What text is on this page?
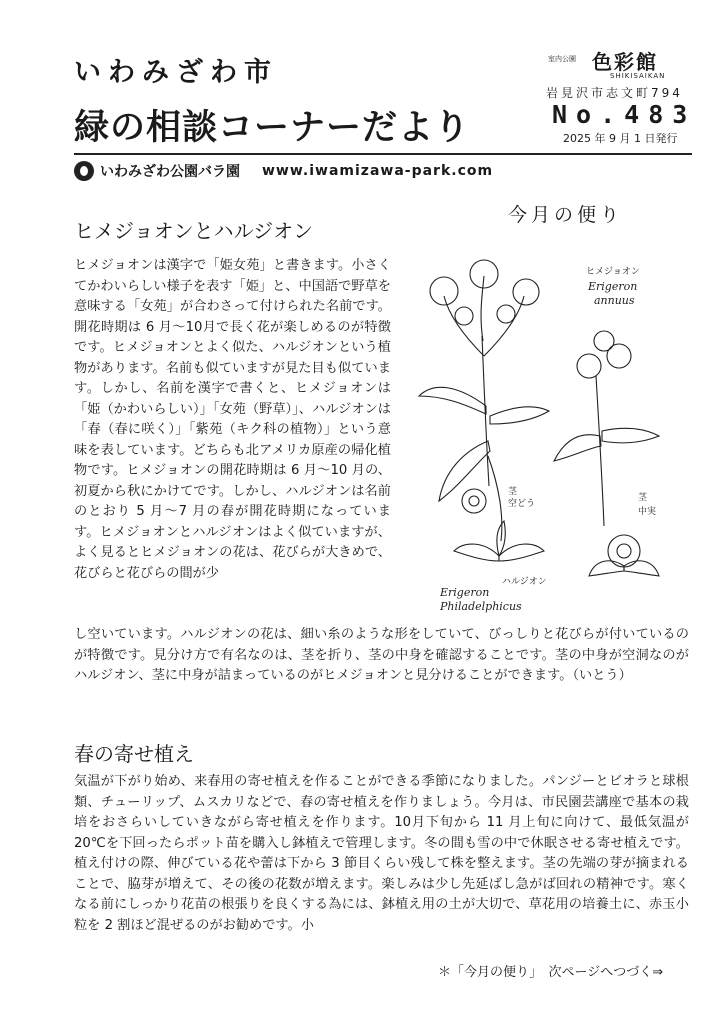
いわみざわ市
緑の相談コーナーだより
室内公園 色彩館
SHIKISAIKAN
岩見沢市志文町794
No.483
2025 年 9 月 1 日発行
いわみざわ公園バラ園 www.iwamizawa-park.com
今月の便り
ヒメジョオンとハルジオン
ヒメジョオンは漢字で「姫女苑」と書きます。小さくてかわいらしい様子を表す「姫」と、中国語で野草を意味する「女苑」が合わさって付けられた名前です。開花時期は 6 月〜10月で長く花が楽しめるのが特徴です。ヒメジョオンとよく似た、ハルジオンという植物があります。名前も似ていますが見た目も似ています。しかし、名前を漢字で書くと、ヒメジョオンは「姫（かわいらしい）」「女苑（野草）」、ハルジオンは「春（春に咲く）」「紫苑（キク科の植物）」という意味を表しています。どちらも北アメリカ原産の帰化植物です。ヒメジョオンの開花時期は 6 月〜10 月の、初夏から秋にかけてです。しかし、ハルジオンは名前のとおり 5 月〜7 月の春が開花時期になっています。ヒメジョオンとハルジオンはよく似ていますが、よく見るとヒメジョオンの花は、花びらが大きめで、花びらと花びらの間が少
し空いています。ハルジオンの花は、細い糸のような形をしていて、びっしりと花びらが付いているのが特徴です。見分け方で有名なのは、茎を折り、茎の中身を確認することです。茎の中身が空洞なのがハルジオン、茎に中身が詰まっているのがヒメジョオンと見分けることができます。（いとう）
ヒメジョオン
Erigeron
annuus
茎
空どう
茎
中実
ハルジオン
Erigeron
Philadelphicus
春の寄せ植え
気温が下がり始め、来春用の寄せ植えを作ることができる季節になりました。パンジーとビオラと球根類、チューリップ、ムスカリなどで、春の寄せ植えを作りましょう。今月は、市民園芸講座で基本の栽培をおさらいしていきながら寄せ植えを作ります。10月下旬から 11 月上旬に向けて、最低気温が 20℃を下回ったらポット苗を購入し鉢植えで管理します。冬の間も雪の中で休眠させる寄せ植えです。植え付けの際、伸びている花や蕾は下から 3 節目くらい残して株を整えます。茎の先端の芽が摘まれることで、脇芽が増えて、その後の花数が増えます。楽しみは少し先延ばし急がば回れの精神です。寒くなる前にしっかり花苗の根張りを良くする為には、鉢植え用の土が大切で、草花用の培養土に、赤玉小粒を 2 割ほど混ぜるのがお勧めです。小
＊「今月の便り」　次ページへつづく⇒
